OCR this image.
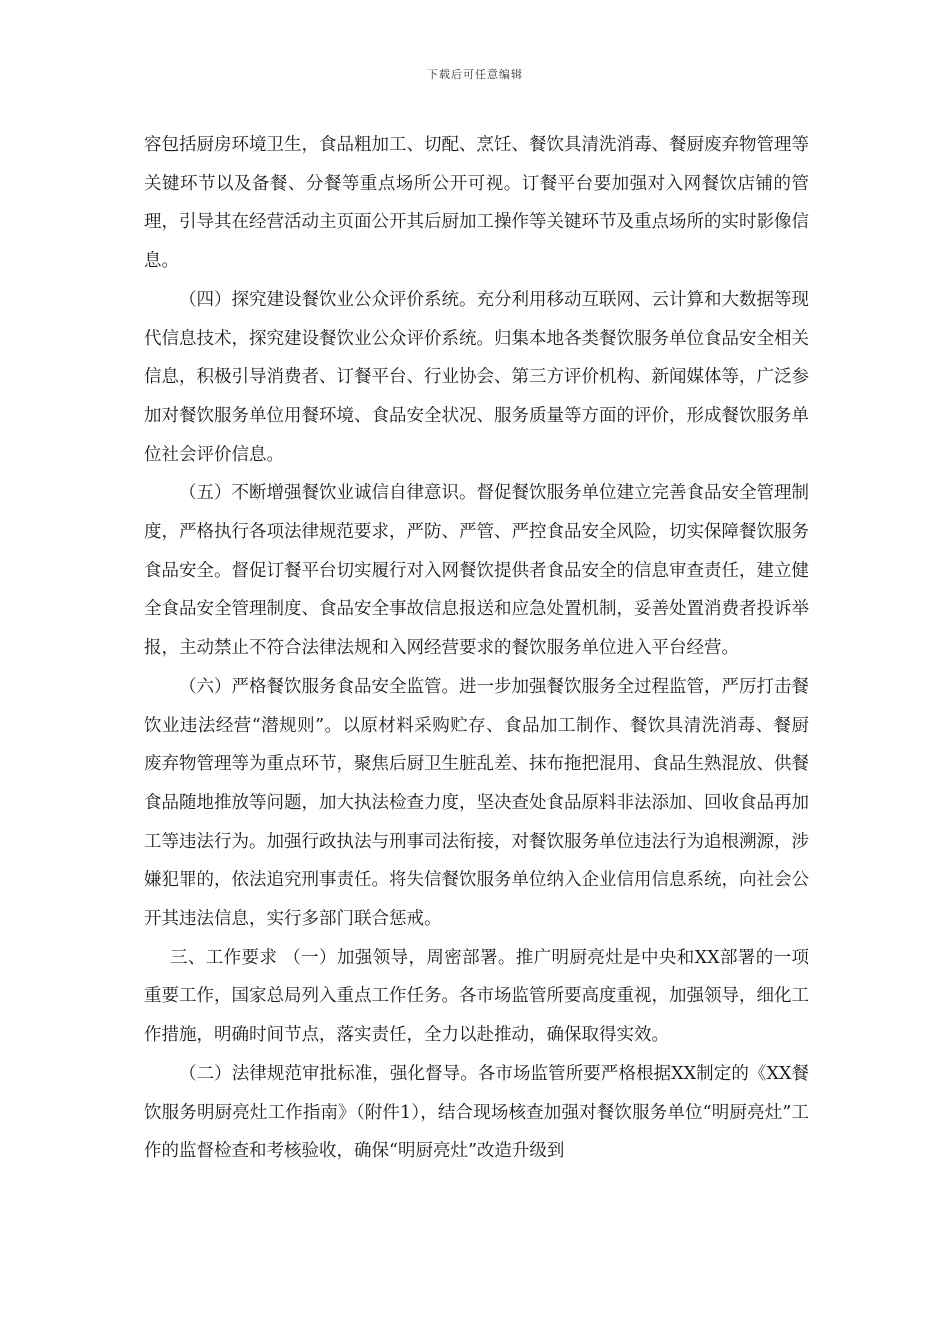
下载后可任意编辑

容包括厨房环境卫生，食品粗加工、切配、烹饪、餐饮具清洗消毒、餐厨废弃物管理等关键环节以及备餐、分餐等重点场所公开可视。订餐平台要加强对入网餐饮店铺的管理，引导其在经营活动主页面公开其后厨加工操作等关键环节及重点场所的实时影像信息。

（四）探究建设餐饮业公众评价系统。充分利用移动互联网、云计算和大数据等现代信息技术，探究建设餐饮业公众评价系统。归集本地各类餐饮服务单位食品安全相关信息，积极引导消费者、订餐平台、行业协会、第三方评价机构、新闻媒体等，广泛参加对餐饮服务单位用餐环境、食品安全状况、服务质量等方面的评价，形成餐饮服务单位社会评价信息。

（五）不断增强餐饮业诚信自律意识。督促餐饮服务单位建立完善食品安全管理制度，严格执行各项法律规范要求，严防、严管、严控食品安全风险，切实保障餐饮服务食品安全。督促订餐平台切实履行对入网餐饮提供者食品安全的信息审查责任，建立健全食品安全管理制度、食品安全事故信息报送和应急处置机制，妥善处置消费者投诉举报，主动禁止不符合法律法规和入网经营要求的餐饮服务单位进入平台经营。

（六）严格餐饮服务食品安全监管。进一步加强餐饮服务全过程监管，严厉打击餐饮业违法经营“潜规则”。以原材料采购贮存、食品加工制作、餐饮具清洗消毒、餐厨废弃物管理等为重点环节，聚焦后厨卫生脏乱差、抹布拖把混用、食品生熟混放、供餐食品随地推放等问题，加大执法检查力度，坚决查处食品原料非法添加、回收食品再加工等违法行为。加强行政执法与刑事司法衔接，对餐饮服务单位违法行为追根溯源，涉嫌犯罪的，依法追究刑事责任。将失信餐饮服务单位纳入企业信用信息系统，向社会公开其违法信息，实行多部门联合惩戒。

三、工作要求 （一）加强领导，周密部署。推广明厨亮灶是中央和XX部署的一项重要工作，国家总局列入重点工作任务。各市场监管所要高度重视，加强领导，细化工作措施，明确时间节点，落实责任，全力以赴推动，确保取得实效。

（二）法律规范审批标准，强化督导。各市场监管所要严格根据XX制定的《XX餐饮服务明厨亮灶工作指南》（附件1），结合现场核查加强对餐饮服务单位“明厨亮灶”工作的监督检查和考核验收，确保“明厨亮灶”改造升级到
